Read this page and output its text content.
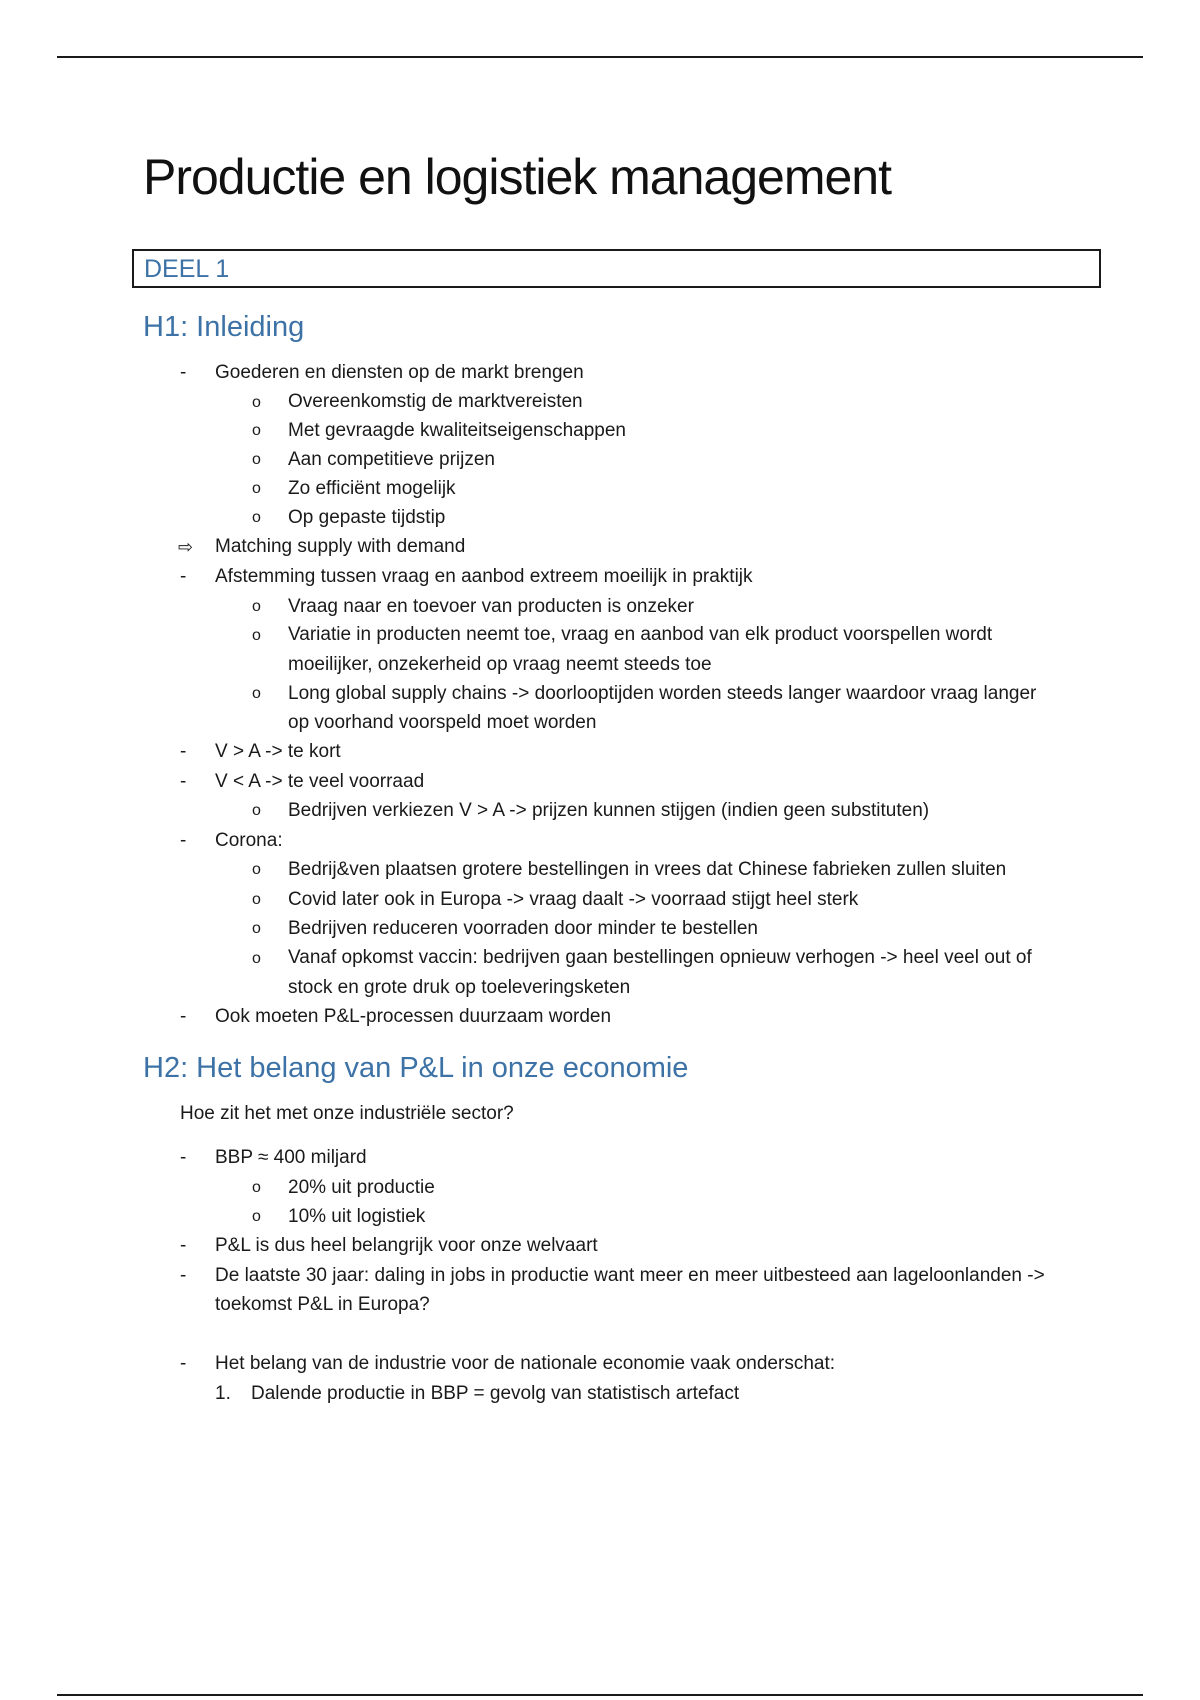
Productie en logistiek management
DEEL 1
H1: Inleiding
- Goederen en diensten op de markt brengen
o Overeenkomstig de marktvereisten
o Met gevraagde kwaliteitseigenschappen
o Aan competitieve prijzen
o Zo efficiënt mogelijk
o Op gepaste tijdstip
⇨ Matching supply with demand
- Afstemming tussen vraag en aanbod extreem moeilijk in praktijk
o Vraag naar en toevoer van producten is onzeker
o Variatie in producten neemt toe, vraag en aanbod van elk product voorspellen wordt
moeilijker, onzekerheid op vraag neemt steeds toe
o Long global supply chains -> doorlooptijden worden steeds langer waardoor vraag langer
op voorhand voorspeld moet worden
- V > A -> te kort
- V < A -> te veel voorraad
o Bedrijven verkiezen V > A -> prijzen kunnen stijgen (indien geen substituten)
- Corona:
o Bedrij&ven plaatsen grotere bestellingen in vrees dat Chinese fabrieken zullen sluiten
o Covid later ook in Europa -> vraag daalt -> voorraad stijgt heel sterk
o Bedrijven reduceren voorraden door minder te bestellen
o Vanaf opkomst vaccin: bedrijven gaan bestellingen opnieuw verhogen -> heel veel out of
stock en grote druk op toeleveringsketen
- Ook moeten P&L-processen duurzaam worden
H2: Het belang van P&L in onze economie
Hoe zit het met onze industriële sector?
- BBP ≈ 400 miljard
o 20% uit productie
o 10% uit logistiek
- P&L is dus heel belangrijk voor onze welvaart
- De laatste 30 jaar: daling in jobs in productie want meer en meer uitbesteed aan lageloonlanden ->
toekomst P&L in Europa?
- Het belang van de industrie voor de nationale economie vaak onderschat:
1. Dalende productie in BBP = gevolg van statistisch artefact
